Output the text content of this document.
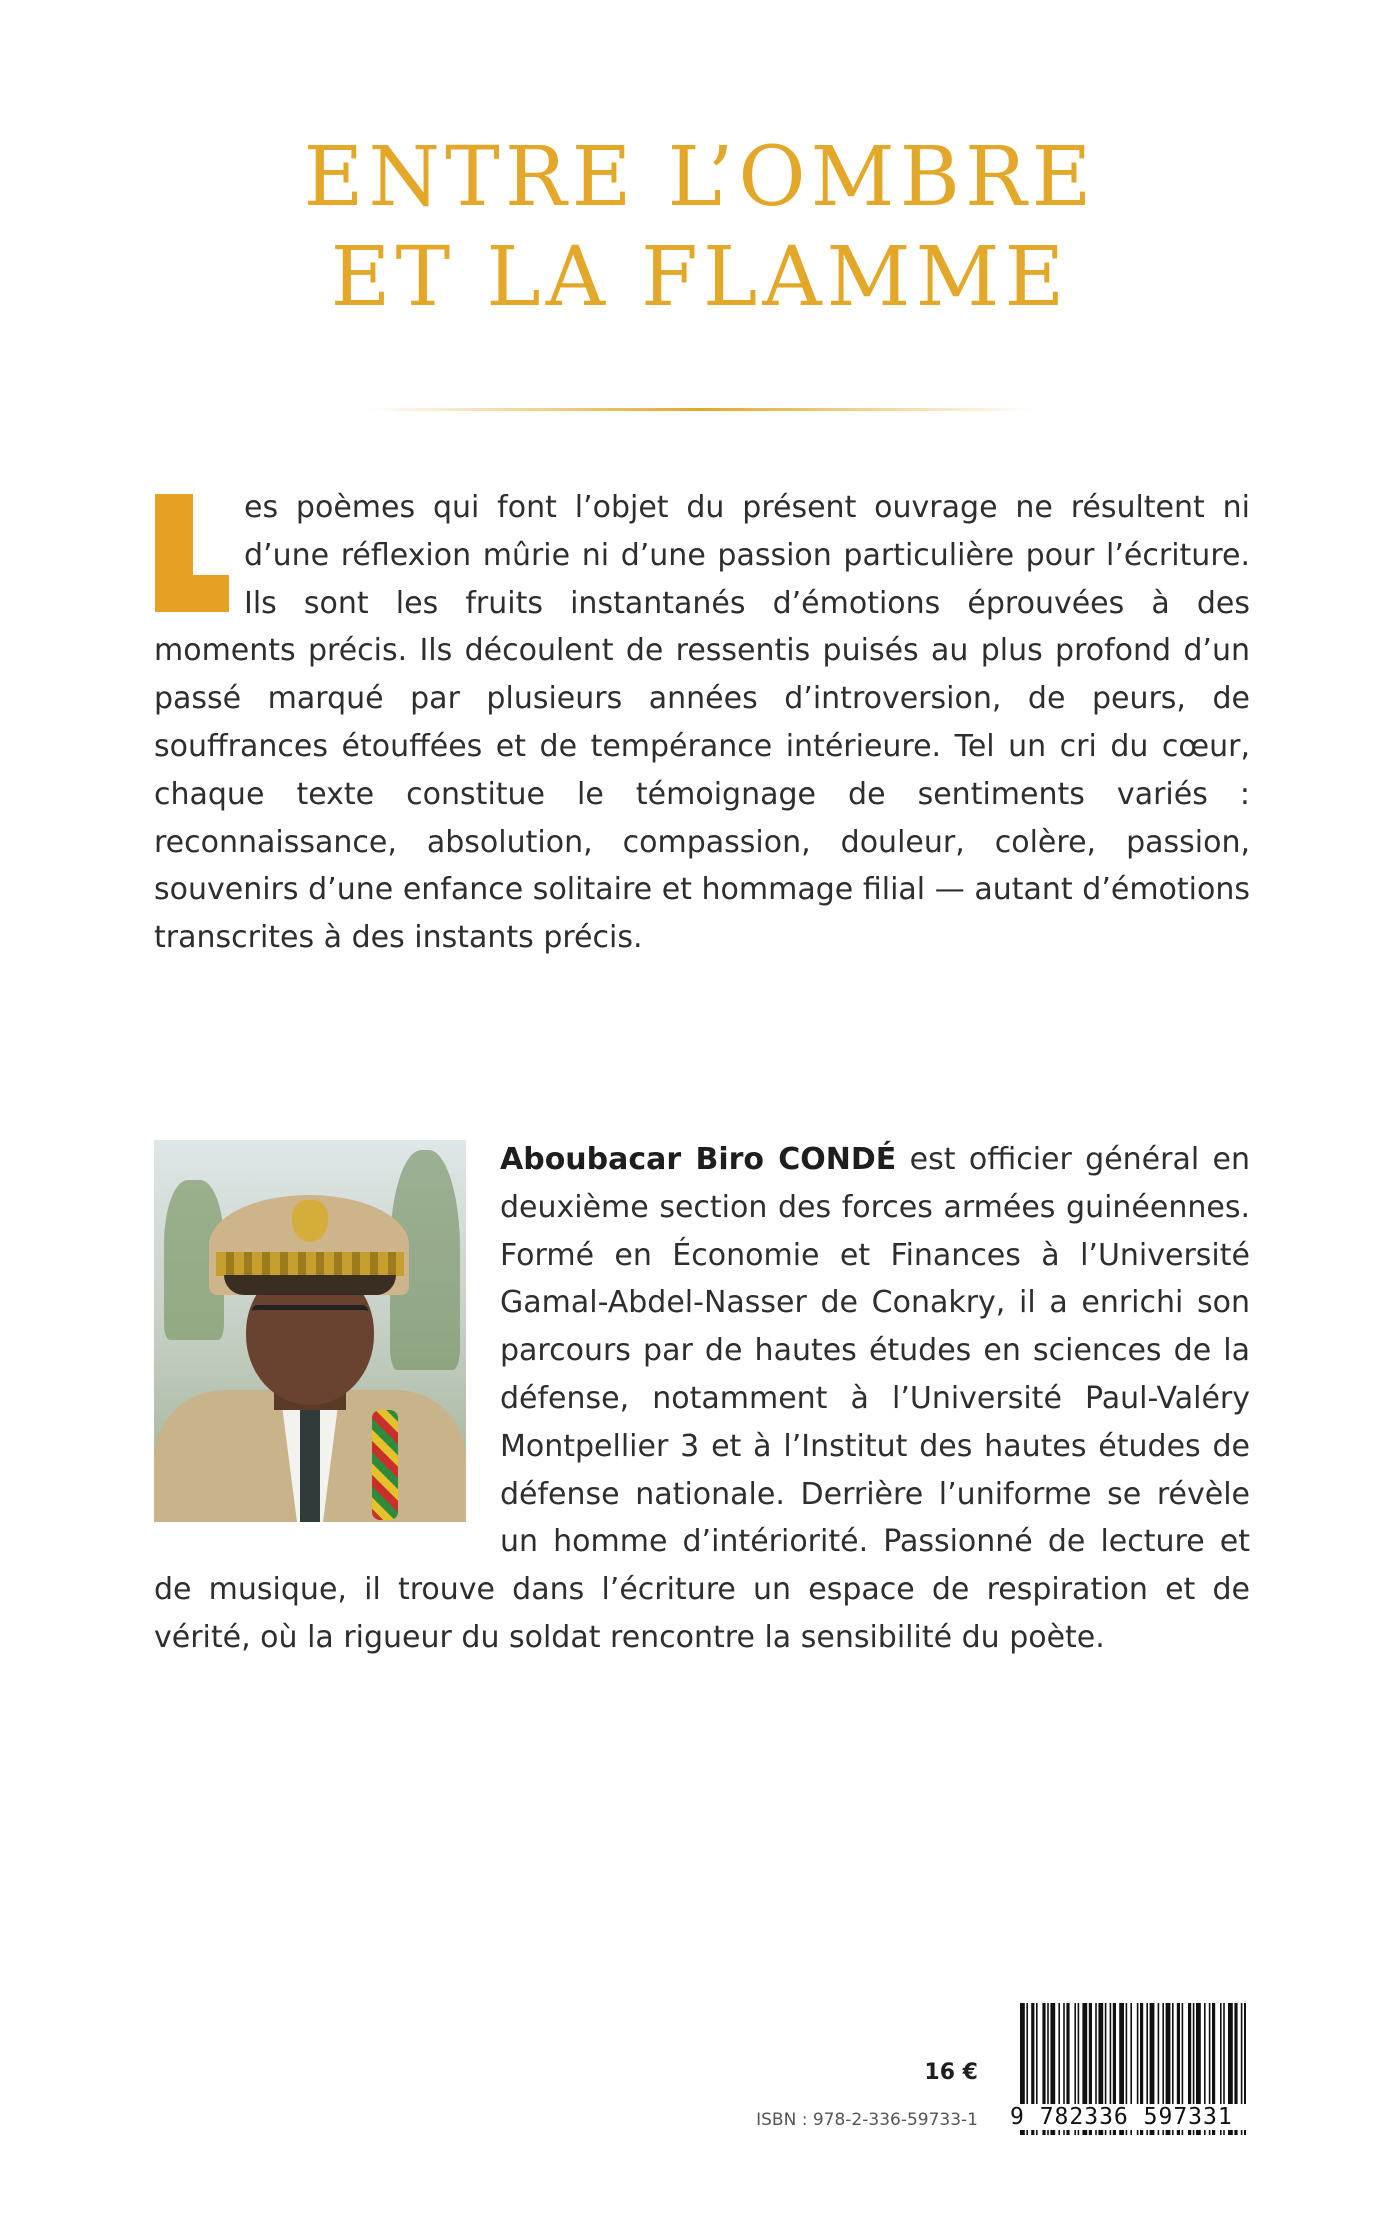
ENTRE L’OMBRE
ET LA FLAMME

es poèmes qui font l’objet du présent ouvrage ne résultent ni d’une réflexion mûrie ni d’une passion particulière pour l’écriture. Ils sont les fruits instantanés d’émotions éprouvées à des moments précis. Ils découlent de ressentis puisés au plus profond d’un passé marqué par plusieurs années d’introversion, de peurs, de souffrances étouffées et de tempérance intérieure. Tel un cri du cœur, chaque texte constitue le témoignage de sentiments variés : reconnaissance, absolution, compassion, douleur, colère, passion, souvenirs d’une enfance solitaire et hommage filial — autant d’émotions transcrites à des instants précis.

Aboubacar Biro CONDÉ est officier général en deuxième section des forces armées guinéennes. Formé en Économie et Finances à l’Université Gamal-Abdel-Nasser de Conakry, il a enrichi son parcours par de hautes études en sciences de la défense, notamment à l’Université Paul-Valéry Montpellier 3 et à l’Institut des hautes études de défense nationale. Derrière l’uniforme se révèle un homme d’intériorité. Passionné de lecture et de musique, il trouve dans l’écriture un espace de respiration et de vérité, où la rigueur du soldat rencontre la sensibilité du poète.

16 €
ISBN : 978-2-336-59733-1 9 782336 597331
